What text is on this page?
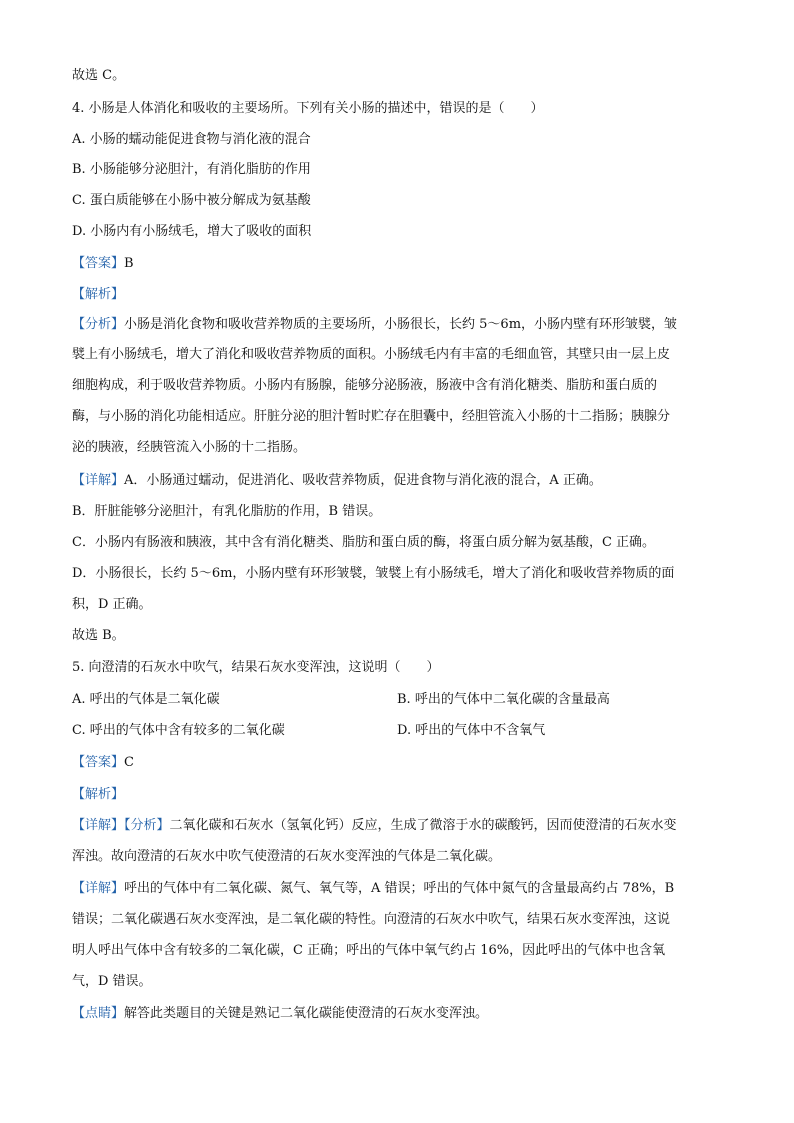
故选 C。
4. 小肠是人体消化和吸收的主要场所。下列有关小肠的描述中，错误的是（　　）
A. 小肠的蠕动能促进食物与消化液的混合
B. 小肠能够分泌胆汁，有消化脂肪的作用
C. 蛋白质能够在小肠中被分解成为氨基酸
D. 小肠内有小肠绒毛，增大了吸收的面积
【答案】B
【解析】
【分析】小肠是消化食物和吸收营养物质的主要场所，小肠很长，长约 5～6m，小肠内壁有环形皱襞，皱
襞上有小肠绒毛，增大了消化和吸收营养物质的面积。小肠绒毛内有丰富的毛细血管，其壁只由一层上皮
细胞构成，利于吸收营养物质。小肠内有肠腺，能够分泌肠液，肠液中含有消化糖类、脂肪和蛋白质的
酶，与小肠的消化功能相适应。肝脏分泌的胆汁暂时贮存在胆囊中，经胆管流入小肠的十二指肠；胰腺分
泌的胰液，经胰管流入小肠的十二指肠。
【详解】A．小肠通过蠕动，促进消化、吸收营养物质，促进食物与消化液的混合，A 正确。
B．肝脏能够分泌胆汁，有乳化脂肪的作用，B 错误。
C．小肠内有肠液和胰液，其中含有消化糖类、脂肪和蛋白质的酶，将蛋白质分解为氨基酸，C 正确。
D．小肠很长，长约 5～6m，小肠内壁有环形皱襞，皱襞上有小肠绒毛，增大了消化和吸收营养物质的面
积，D 正确。
故选 B。
5. 向澄清的石灰水中吹气，结果石灰水变浑浊，这说明（　　）
A. 呼出的气体是二氧化碳	B. 呼出的气体中二氧化碳的含量最高
C. 呼出的气体中含有较多的二氧化碳	D. 呼出的气体中不含氧气
【答案】C
【解析】
【详解】【分析】二氧化碳和石灰水（氢氧化钙）反应，生成了微溶于水的碳酸钙，因而使澄清的石灰水变
浑浊。故向澄清的石灰水中吹气使澄清的石灰水变浑浊的气体是二氧化碳。
【详解】呼出的气体中有二氧化碳、氮气、氧气等，A 错误；呼出的气体中氮气的含量最高约占 78%，B
错误；二氧化碳遇石灰水变浑浊，是二氧化碳的特性。向澄清的石灰水中吹气，结果石灰水变浑浊，这说
明人呼出气体中含有较多的二氧化碳，C 正确；呼出的气体中氧气约占 16%，因此呼出的气体中也含氧
气，D 错误。
【点睛】解答此类题目的关键是熟记二氧化碳能使澄清的石灰水变浑浊。
